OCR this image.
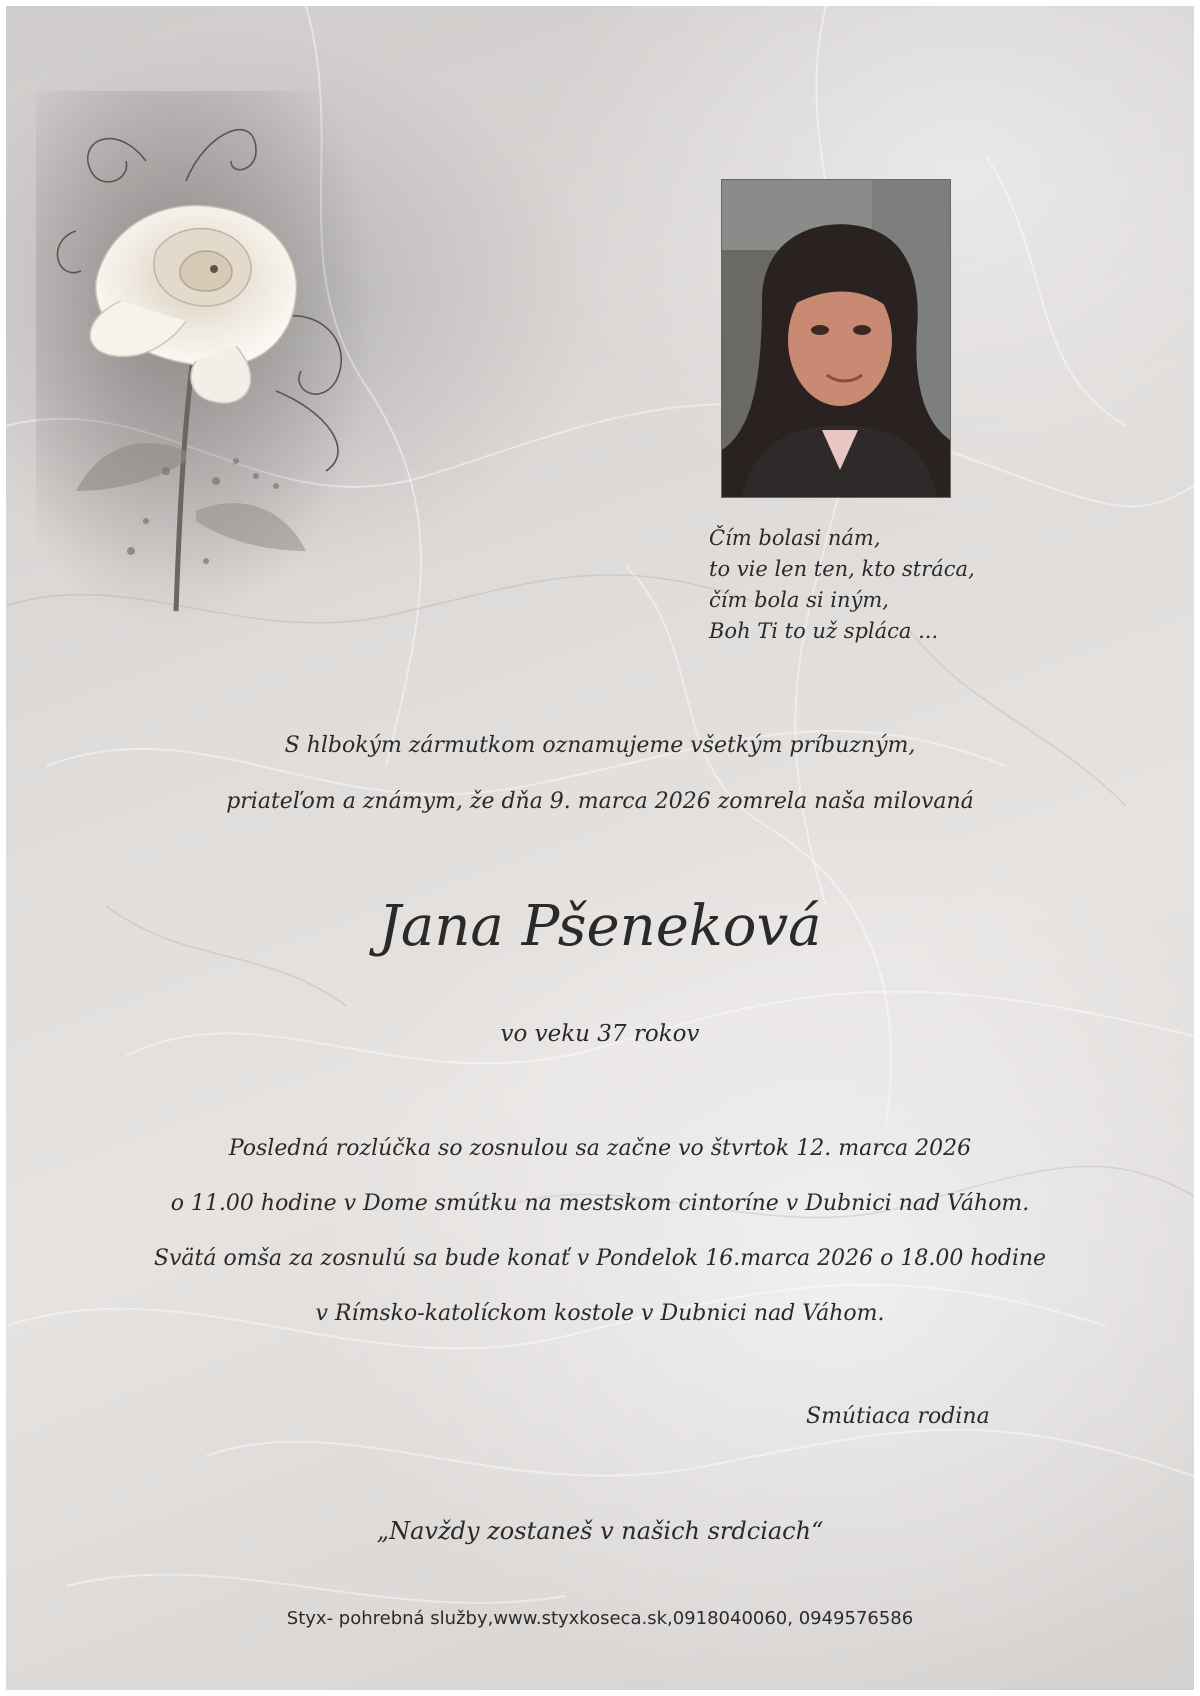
Čím bolasi nám,
to vie len ten, kto stráca,
čím bola si iným,
Boh Ti to už spláca ...
S hlbokým zármutkom oznamujeme všetkým príbuzným,
priateľom a známym, že dňa 9. marca 2026 zomrela naša milovaná
Jana Pšeneková
vo veku 37 rokov
Posledná rozlúčka so zosnulou sa začne vo štvrtok 12. marca 2026
o 11.00 hodine v Dome smútku na mestskom cintoríne v Dubnici nad Váhom.
Svätá omša za zosnulú sa bude konať v Pondelok 16.marca 2026 o 18.00 hodine
v Rímsko-katolíckom kostole v Dubnici nad Váhom.
Smútiaca rodina
„Navždy zostaneš v našich srdciach“
Styx- pohrebná služby,www.styxkoseca.sk,0918040060, 0949576586
